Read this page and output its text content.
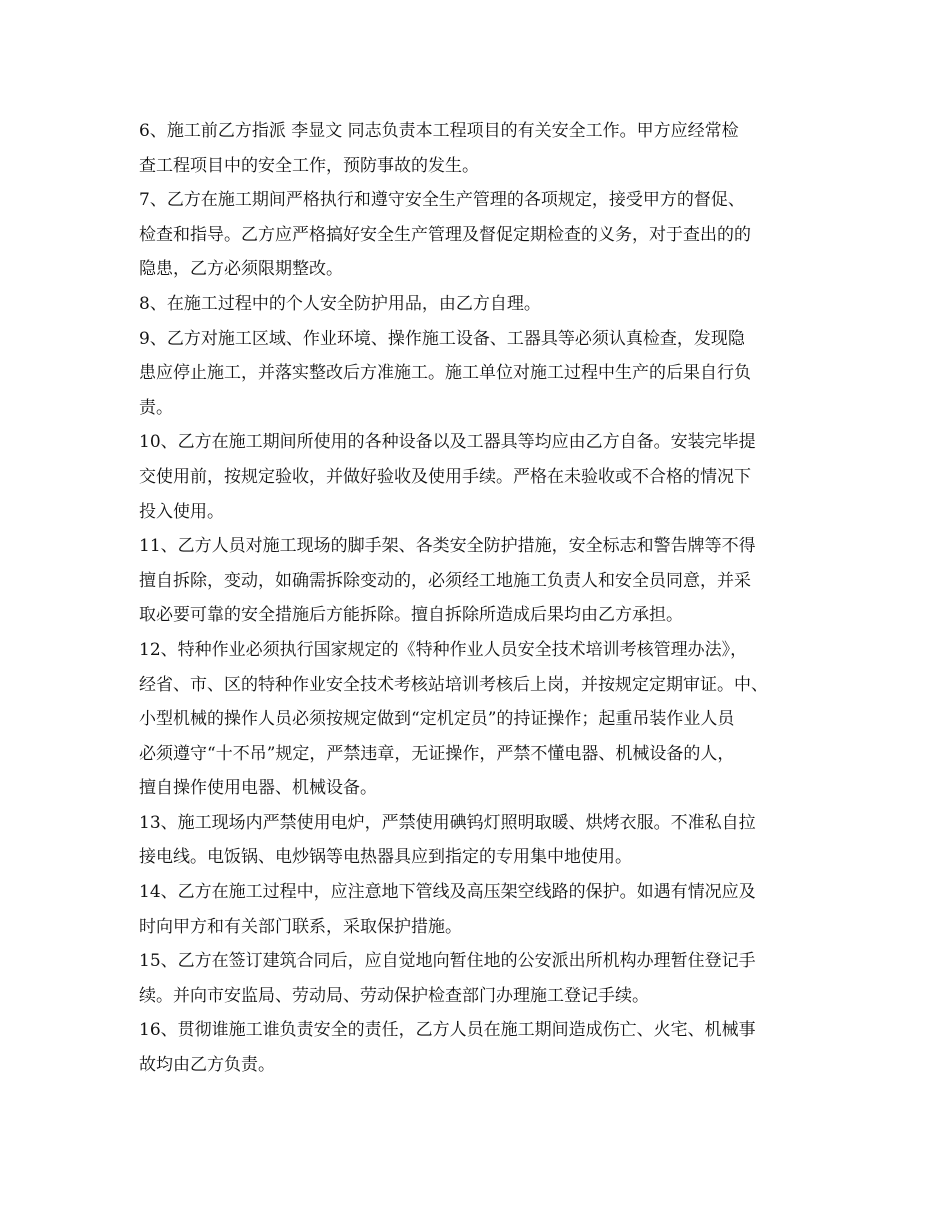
6、施工前乙方指派 李显文 同志负责本工程项目的有关安全工作。甲方应经常检
查工程项目中的安全工作，预防事故的发生。
7、乙方在施工期间严格执行和遵守安全生产管理的各项规定，接受甲方的督促、
检查和指导。乙方应严格搞好安全生产管理及督促定期检查的义务，对于查出的的
隐患，乙方必须限期整改。
8、在施工过程中的个人安全防护用品，由乙方自理。
9、乙方对施工区域、作业环境、操作施工设备、工器具等必须认真检查，发现隐
患应停止施工，并落实整改后方准施工。施工单位对施工过程中生产的后果自行负
责。
10、乙方在施工期间所使用的各种设备以及工器具等均应由乙方自备。安装完毕提
交使用前，按规定验收，并做好验收及使用手续。严格在未验收或不合格的情况下
投入使用。
11、乙方人员对施工现场的脚手架、各类安全防护措施，安全标志和警告牌等不得
擅自拆除，变动，如确需拆除变动的，必须经工地施工负责人和安全员同意，并采
取必要可靠的安全措施后方能拆除。擅自拆除所造成后果均由乙方承担。
12、特种作业必须执行国家规定的《特种作业人员安全技术培训考核管理办法》，
经省、市、区的特种作业安全技术考核站培训考核后上岗，并按规定定期审证。中、
小型机械的操作人员必须按规定做到“定机定员”的持证操作；起重吊装作业人员
必须遵守“十不吊”规定，严禁违章，无证操作，严禁不懂电器、机械设备的人，
擅自操作使用电器、机械设备。
13、施工现场内严禁使用电炉，严禁使用碘钨灯照明取暖、烘烤衣服。不准私自拉
接电线。电饭锅、电炒锅等电热器具应到指定的专用集中地使用。
14、乙方在施工过程中，应注意地下管线及高压架空线路的保护。如遇有情况应及
时向甲方和有关部门联系，采取保护措施。
15、乙方在签订建筑合同后，应自觉地向暂住地的公安派出所机构办理暂住登记手
续。并向市安监局、劳动局、劳动保护检查部门办理施工登记手续。
16、贯彻谁施工谁负责安全的责任，乙方人员在施工期间造成伤亡、火宅、机械事
故均由乙方负责。
